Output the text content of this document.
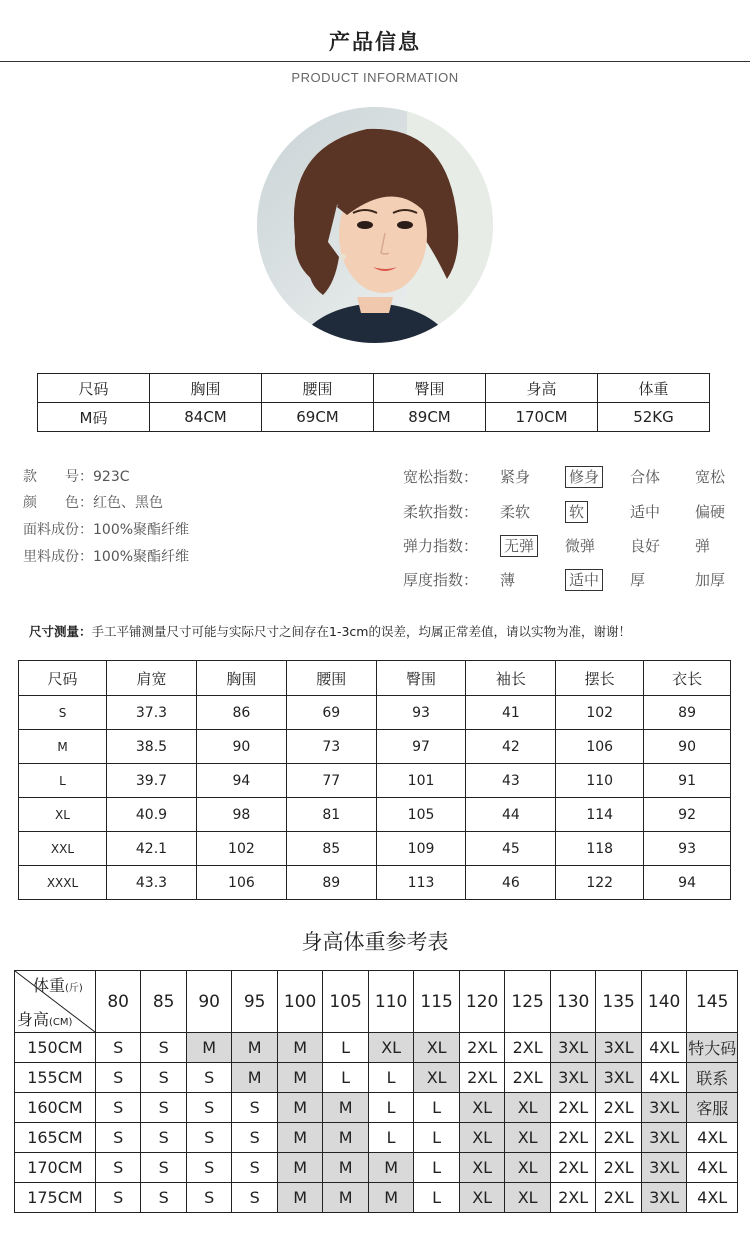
产品信息
PRODUCT INFORMATION
尺码	胸围	腰围	臀围	身高	体重
M码	84CM	69CM	89CM	170CM	52KG
款　　号：923C
颜　　色：红色、黑色
面料成份：100%聚酯纤维
里料成份：100%聚酯纤维
宽松指数： 紧身	修身 合体 宽松
柔软指数： 柔软	软	适中 偏硬
弹力指数： 无弹 微弹 良好 弹
厚度指数： 薄	适中 厚	加厚
尺寸测量：手工平铺测量尺寸可能与实际尺寸之间存在1-3cm的误差，均属正常差值，请以实物为准，谢谢！
尺码	肩宽	胸围	腰围	臀围	袖长	摆长	衣长
S	37.3	86	69	93	41	102	89
M	38.5	90	73	97	42	106	90
L	39.7	94	77	101	43	110	91
XL	40.9	98	81	105	44	114	92
XXL	42.1	102	85	109	45	118	93
XXXL	43.3	106	89	113	46	122	94
身高体重参考表
体重(斤)
身高(CM)	80	85	90	95	100	105	110	115	120	125	130	135	140	145
150CM	S	S	M	M	M	L	XL	XL	2XL	2XL	3XL	3XL	4XL	特大码
155CM	S	S	S	M	M	L	L	XL	2XL	2XL	3XL	3XL	4XL	联系
160CM	S	S	S	S	M	M	L	L	XL	XL	2XL	2XL	3XL	客服
165CM	S	S	S	S	M	M	L	L	XL	XL	2XL	2XL	3XL	4XL
170CM	S	S	S	S	M	M	M	L	XL	XL	2XL	2XL	3XL	4XL
175CM	S	S	S	S	M	M	M	L	XL	XL	2XL	2XL	3XL	4XL
